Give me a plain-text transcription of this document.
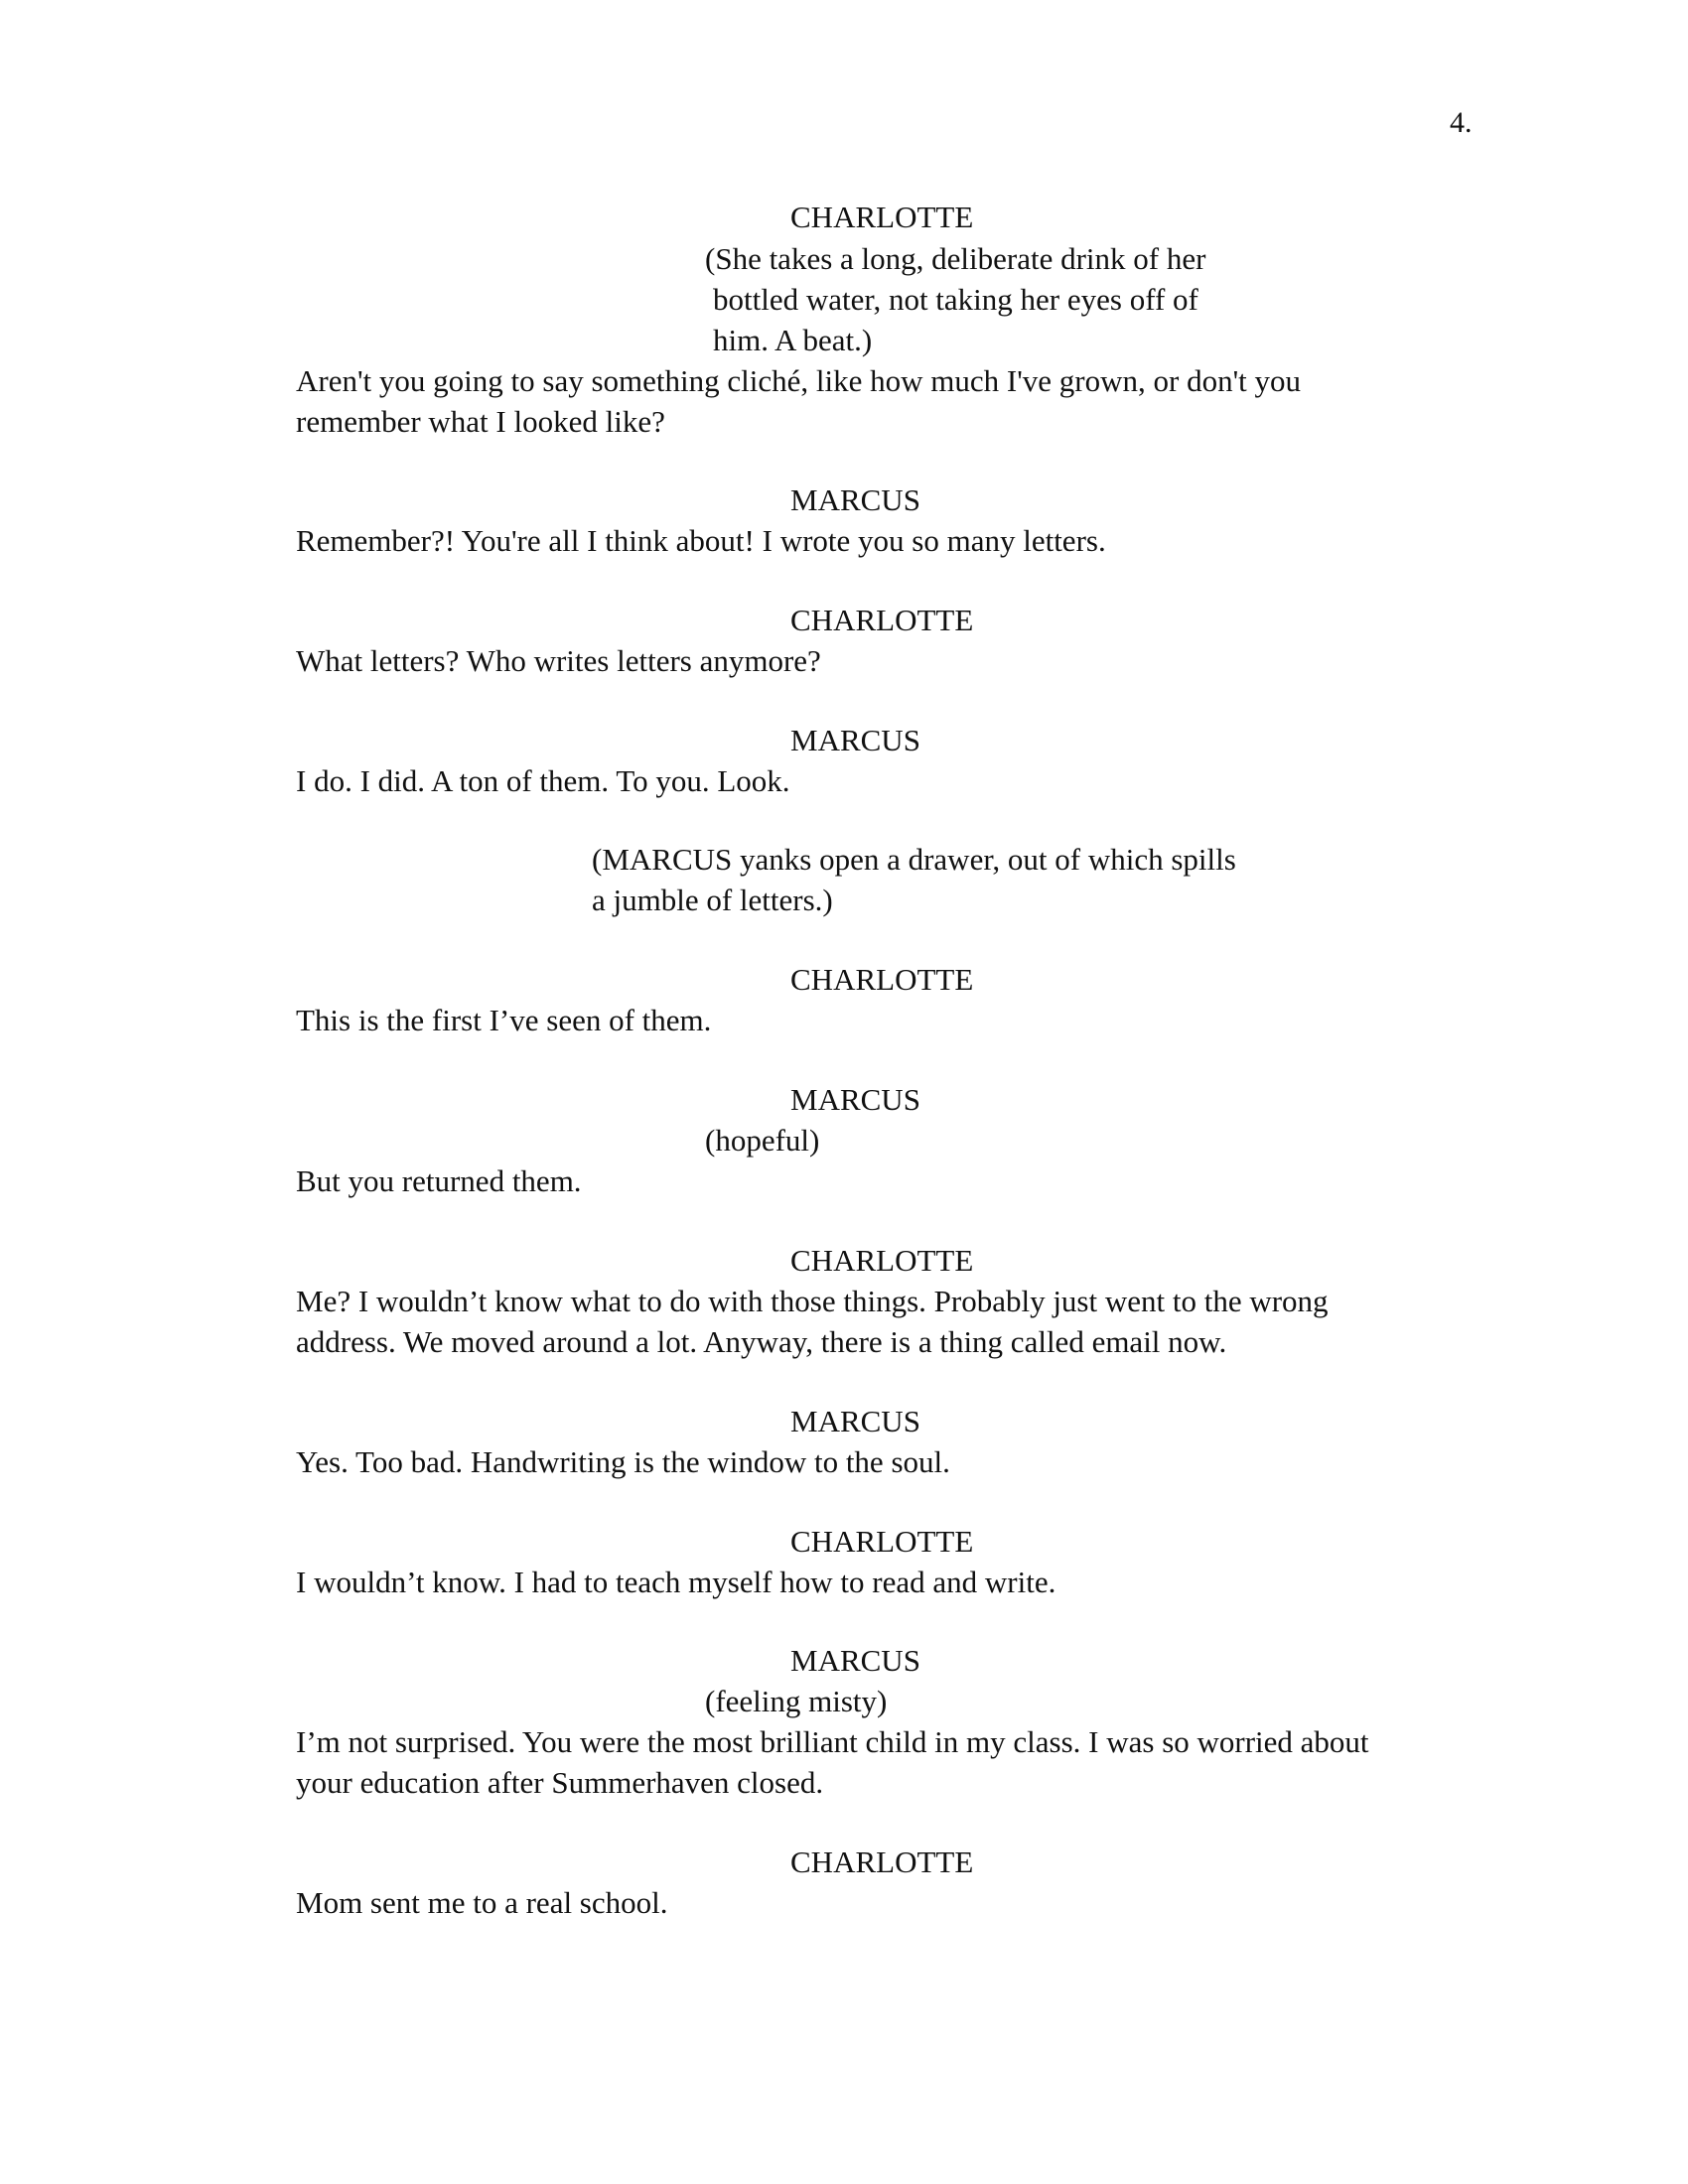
4.
CHARLOTTE
(She takes a long, deliberate drink of her
bottled water, not taking her eyes off of
him. A beat.)
Aren't you going to say something cliché, like how much I've grown, or don't you
remember what I looked like?
MARCUS
Remember?! You're all I think about! I wrote you so many letters.
CHARLOTTE
What letters? Who writes letters anymore?
MARCUS
I do. I did. A ton of them. To you. Look.
(MARCUS yanks open a drawer, out of which spills
a jumble of letters.)
CHARLOTTE
This is the first I’ve seen of them.
MARCUS
(hopeful)
But you returned them.
CHARLOTTE
Me? I wouldn’t know what to do with those things. Probably just went to the wrong
address. We moved around a lot. Anyway, there is a thing called email now.
MARCUS
Yes. Too bad. Handwriting is the window to the soul.
CHARLOTTE
I wouldn’t know. I had to teach myself how to read and write.
MARCUS
(feeling misty)
I’m not surprised. You were the most brilliant child in my class. I was so worried about
your education after Summerhaven closed.
CHARLOTTE
Mom sent me to a real school.
